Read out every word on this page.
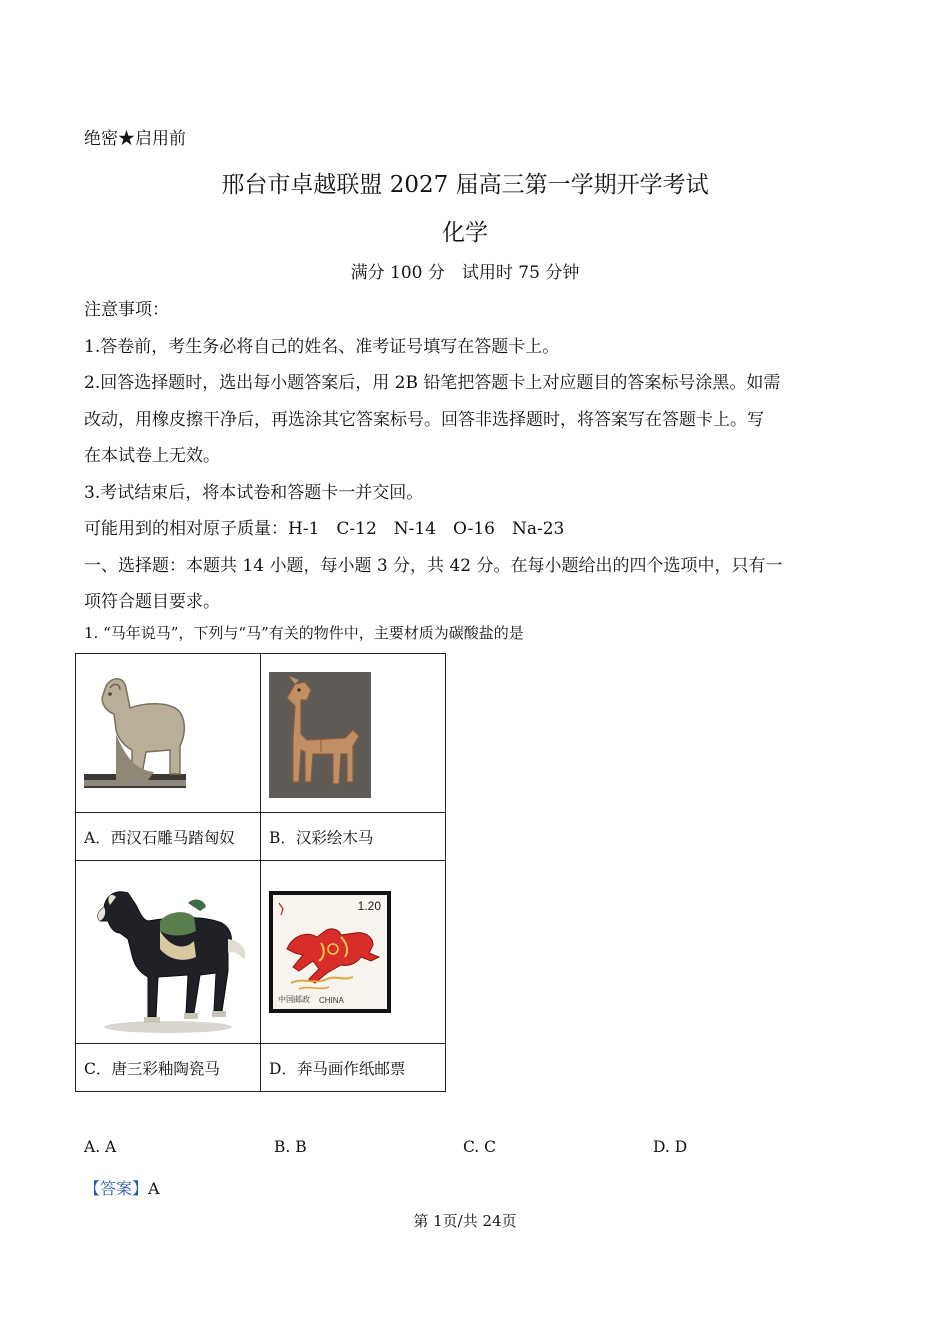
绝密★启用前
邢台市卓越联盟 2027 届高三第一学期开学考试
化学
满分 100 分　试用时 75 分钟
注意事项：
1.答卷前，考生务必将自己的姓名、准考证号填写在答题卡上。
2.回答选择题时，选出每小题答案后，用 2B 铅笔把答题卡上对应题目的答案标号涂黑。如需
改动，用橡皮擦干净后，再选涂其它答案标号。回答非选择题时，将答案写在答题卡上。写
在本试卷上无效。
3.考试结束后，将本试卷和答题卡一并交回。
可能用到的相对原子质量：H-1　C-12　N-14　O-16　Na-23
一、选择题：本题共 14 小题，每小题 3 分，共 42 分。在每小题给出的四个选项中，只有一
项符合题目要求。
1. “马年说马”，下列与“马”有关的物件中，主要材质为碳酸盐的是

A．西汉石雕马踏匈奴	B．汉彩绘木马

1.20
中国邮政 CHINA

C．唐三彩釉陶瓷马	D．奔马画作纸邮票
A. A	B. B	C. C	D. D
【答案】A
第 1页/共 24页
